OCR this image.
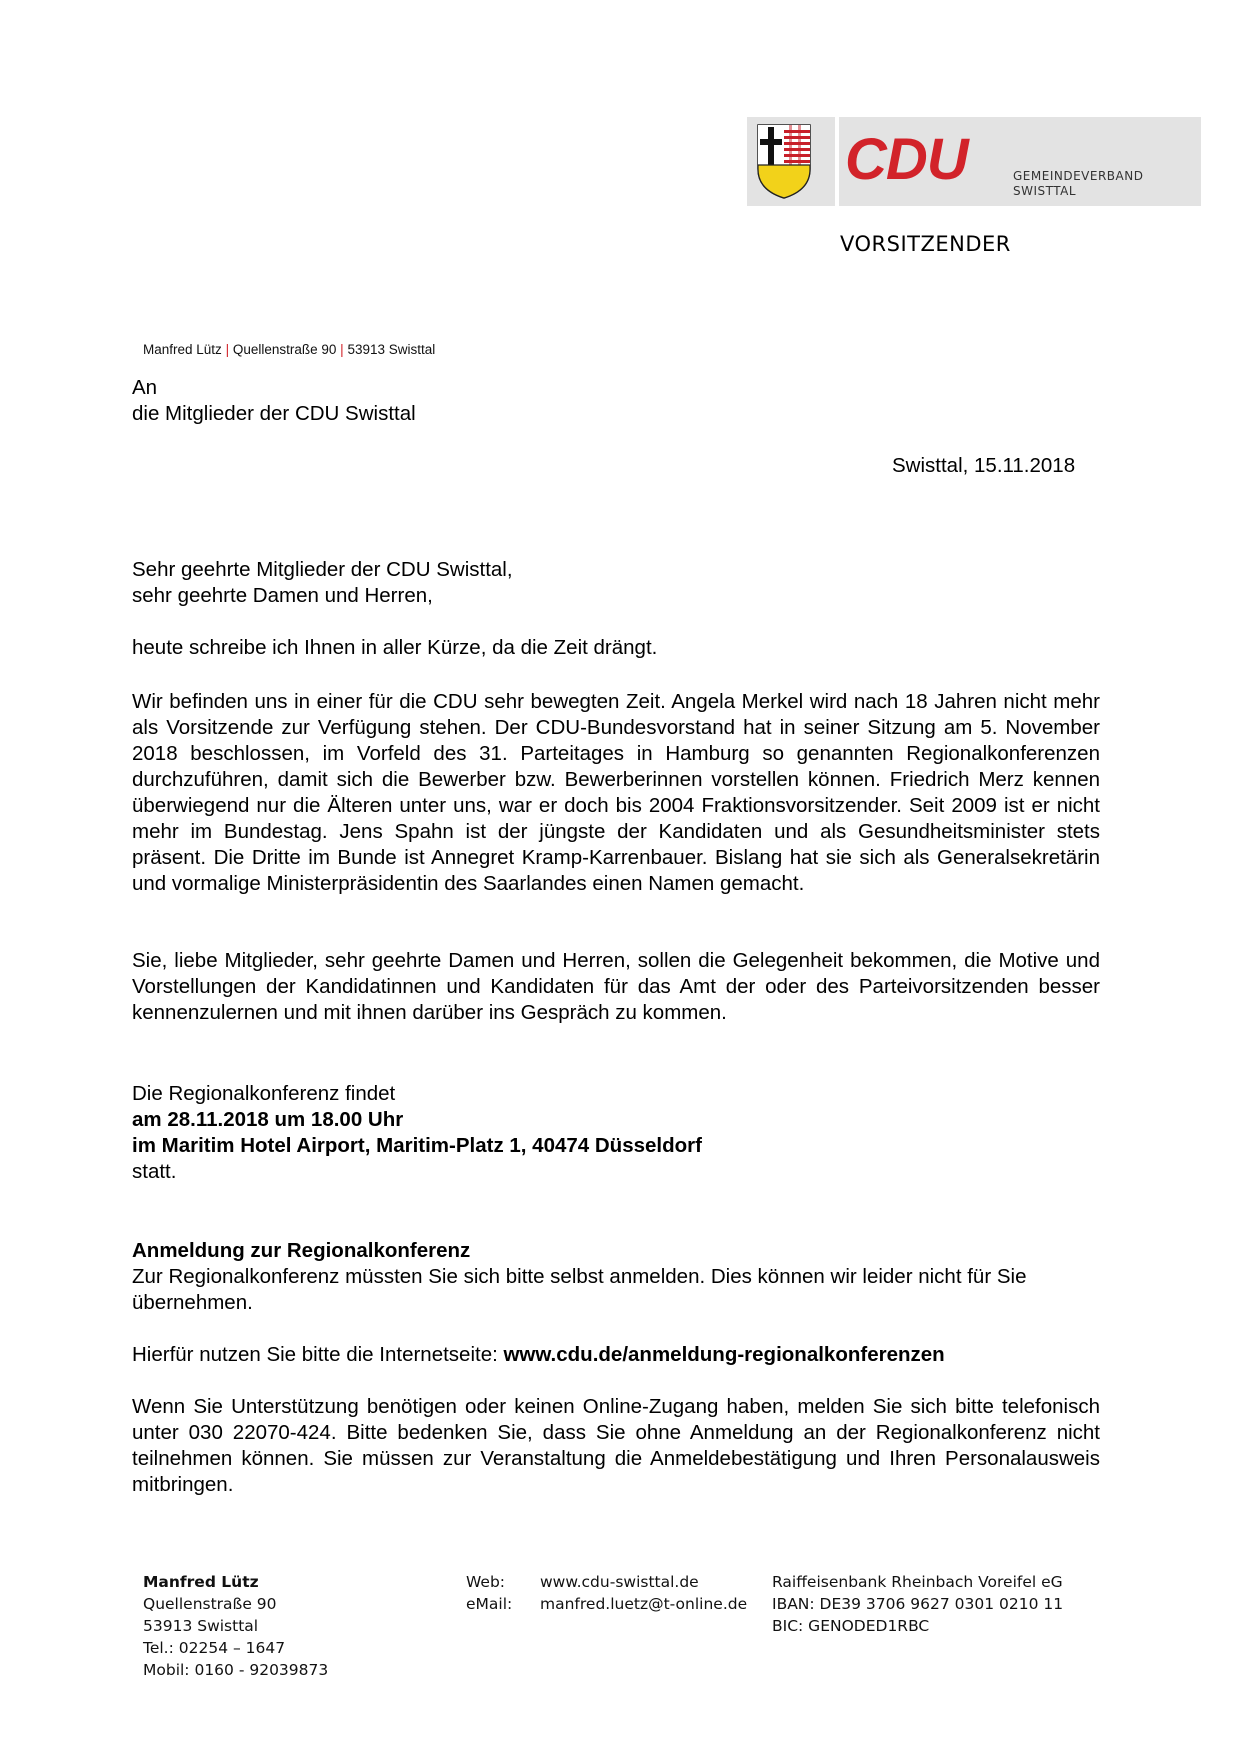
CDU	GEMEINDEVERBAND
SWISTTAL
VORSITZENDER
Manfred Lütz | Quellenstraße 90 | 53913 Swisttal
An
die Mitglieder der CDU Swisttal
Swisttal, 15.11.2018
Sehr geehrte Mitglieder der CDU Swisttal,
sehr geehrte Damen und Herren,
heute schreibe ich Ihnen in aller Kürze, da die Zeit drängt.
Wir befinden uns in einer für die CDU sehr bewegten Zeit. Angela Merkel wird nach 18 Jahren nicht mehr als Vorsitzende zur Verfügung stehen. Der CDU-Bundesvorstand hat in seiner Sitzung am 5. November 2018 beschlossen, im Vorfeld des 31. Parteitages in Hamburg so genannten Regionalkonferenzen durchzuführen, damit sich die Bewerber bzw. Bewerberinnen vorstellen können. Friedrich Merz kennen überwiegend nur die Älteren unter uns, war er doch bis 2004 Fraktionsvorsitzender. Seit 2009 ist er nicht mehr im Bundestag. Jens Spahn ist der jüngste der Kandidaten und als Gesundheitsminister stets präsent. Die Dritte im Bunde ist Annegret Kramp-Karrenbauer. Bislang hat sie sich als Generalsekretärin und vormalige Ministerpräsidentin des Saarlandes einen Namen gemacht.
Sie, liebe Mitglieder, sehr geehrte Damen und Herren, sollen die Gelegenheit bekommen, die Motive und Vorstellungen der Kandidatinnen und Kandidaten für das Amt der oder des Parteivorsitzenden besser kennenzulernen und mit ihnen darüber ins Gespräch zu kommen.
Die Regionalkonferenz findet
am 28.11.2018 um 18.00 Uhr
im Maritim Hotel Airport, Maritim-Platz 1, 40474 Düsseldorf
statt.
Anmeldung zur Regionalkonferenz
Zur Regionalkonferenz müssten Sie sich bitte selbst anmelden. Dies können wir leider nicht für Sie übernehmen.
Hierfür nutzen Sie bitte die Internetseite: www.cdu.de/anmeldung-regionalkonferenzen
Wenn Sie Unterstützung benötigen oder keinen Online-Zugang haben, melden Sie sich bitte telefonisch unter 030 22070-424. Bitte bedenken Sie, dass Sie ohne Anmeldung an der Regionalkonferenz nicht teilnehmen können. Sie müssen zur Veranstaltung die Anmeldebestätigung und Ihren Personalausweis mitbringen.
Manfred Lütz
Quellenstraße 90
53913 Swisttal
Tel.: 02254 – 1647
Mobil: 0160 - 92039873
Web:
eMail:
www.cdu-swisttal.de
manfred.luetz@t-online.de
Raiffeisenbank Rheinbach Voreifel eG
IBAN: DE39 3706 9627 0301 0210 11
BIC: GENODED1RBC
